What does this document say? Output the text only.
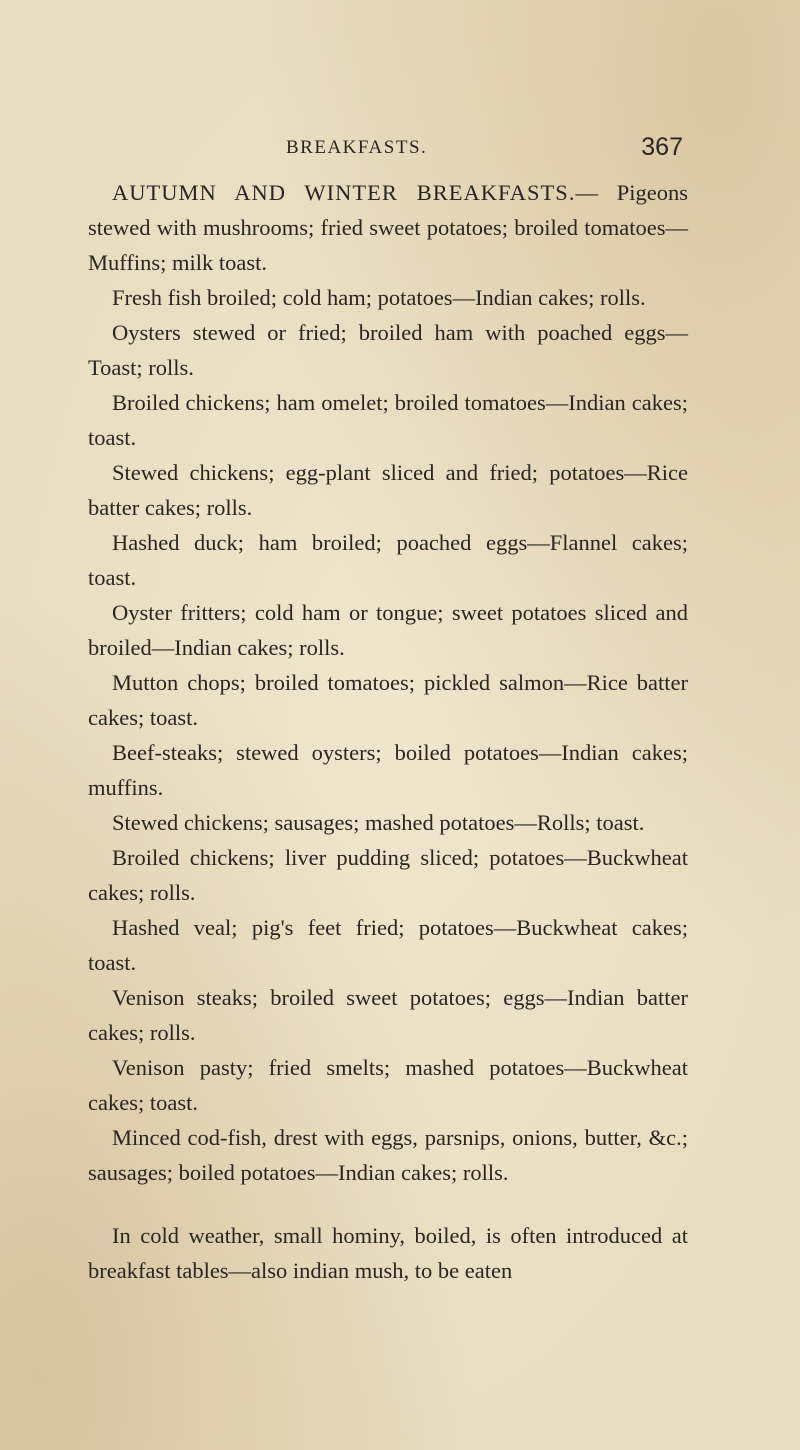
BREAKFASTS.	367

AUTUMN AND WINTER BREAKFASTS.— Pigeons stewed with mushrooms; fried sweet potatoes; broiled tomatoes—Muffins; milk toast.

Fresh fish broiled; cold ham; potatoes—Indian cakes; rolls.

Oysters stewed or fried; broiled ham with poached eggs—Toast; rolls.

Broiled chickens; ham omelet; broiled tomatoes—Indian cakes; toast.

Stewed chickens; egg-plant sliced and fried; potatoes—Rice batter cakes; rolls.

Hashed duck; ham broiled; poached eggs—Flannel cakes; toast.

Oyster fritters; cold ham or tongue; sweet potatoes sliced and broiled—Indian cakes; rolls.

Mutton chops; broiled tomatoes; pickled salmon—Rice batter cakes; toast.

Beef-steaks; stewed oysters; boiled potatoes—Indian cakes; muffins.

Stewed chickens; sausages; mashed potatoes—Rolls; toast.

Broiled chickens; liver pudding sliced; potatoes—Buckwheat cakes; rolls.

Hashed veal; pig's feet fried; potatoes—Buckwheat cakes; toast.

Venison steaks; broiled sweet potatoes; eggs—Indian batter cakes; rolls.

Venison pasty; fried smelts; mashed potatoes—Buckwheat cakes; toast.

Minced cod-fish, drest with eggs, parsnips, onions, butter, &c.; sausages; boiled potatoes—Indian cakes; rolls.

In cold weather, small hominy, boiled, is often introduced at breakfast tables—also indian mush, to be eaten
